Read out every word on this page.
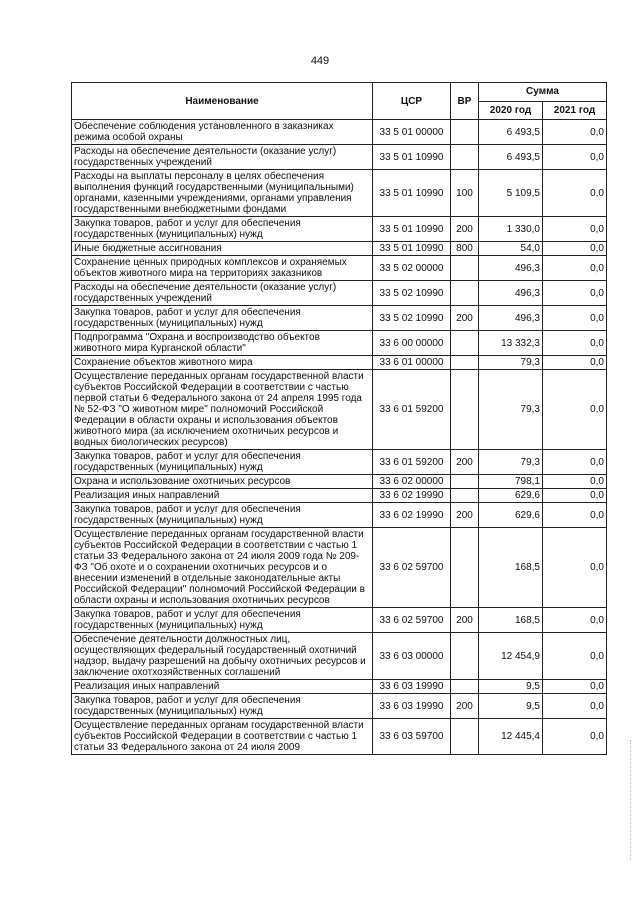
449
Наименование	ЦСР	ВР	Сумма	
			2020 год	2021 год
Обеспечение соблюдения установленного в заказниках режима особой охраны	33 5 01 00000		6 493,5	0,0
Расходы на обеспечение деятельности (оказание услуг) государственных учреждений	33 5 01 10990		6 493,5	0,0
Расходы на выплаты персоналу в целях обеспечения выполнения функций государственными (муниципальными) органами, казенными учреждениями, органами управления государственными внебюджетными фондами	33 5 01 10990	100	5 109,5	0,0
Закупка товаров, работ и услуг для обеспечения государственных (муниципальных) нужд	33 5 01 10990	200	1 330,0	0,0
Иные бюджетные ассигнования	33 5 01 10990	800	54,0	0,0
Сохранение ценных природных комплексов и охраняемых объектов животного мира на территориях заказников	33 5 02 00000		496,3	0,0
Расходы на обеспечение деятельности (оказание услуг) государственных учреждений	33 5 02 10990		496,3	0,0
Закупка товаров, работ и услуг для обеспечения государственных (муниципальных) нужд	33 5 02 10990	200	496,3	0,0
Подпрограмма "Охрана и воспроизводство объектов животного мира Курганской области"	33 6 00 00000		13 332,3	0,0
Сохранение объектов животного мира	33 6 01 00000		79,3	0,0
Осуществление переданных органам государственной власти субъектов Российской Федерации в соответствии с частью первой статьи 6 Федерального закона от 24 апреля 1995 года № 52-ФЗ "О животном мире" полномочий Российской Федерации в области охраны и использования объектов животного мира (за исключением охотничьих ресурсов и водных биологических ресурсов)	33 6 01 59200		79,3	0,0
Закупка товаров, работ и услуг для обеспечения государственных (муниципальных) нужд	33 6 01 59200	200	79,3	0,0
Охрана и использование охотничьих ресурсов	33 6 02 00000		798,1	0,0
Реализация иных направлений	33 6 02 19990		629,6	0,0
Закупка товаров, работ и услуг для обеспечения государственных (муниципальных) нужд	33 6 02 19990	200	629,6	0,0
Осуществление переданных органам государственной власти субъектов Российской Федерации в соответствии с частью 1 статьи 33 Федерального закона от 24 июля 2009 года № 209-ФЗ "Об охоте и о сохранении охотничьих ресурсов и о внесении изменений в отдельные законодательные акты Российской Федерации" полномочий Российской Федерации в области охраны и использования охотничьих ресурсов	33 6 02 59700		168,5	0,0
Закупка товаров, работ и услуг для обеспечения государственных (муниципальных) нужд	33 6 02 59700	200	168,5	0,0
Обеспечение деятельности должностных лиц, осуществляющих федеральный государственный охотничий надзор, выдачу разрешений на добычу охотничьих ресурсов и заключение охотхозяйственных соглашений	33 6 03 00000		12 454,9	0,0
Реализация иных направлений	33 6 03 19990		9,5	0,0
Закупка товаров, работ и услуг для обеспечения государственных (муниципальных) нужд	33 6 03 19990	200	9,5	0,0
Осуществление переданных органам государственной власти субъектов Российской Федерации в соответствии с частью 1 статьи 33 Федерального закона от 24 июля 2009	33 6 03 59700		12 445,4	0,0
